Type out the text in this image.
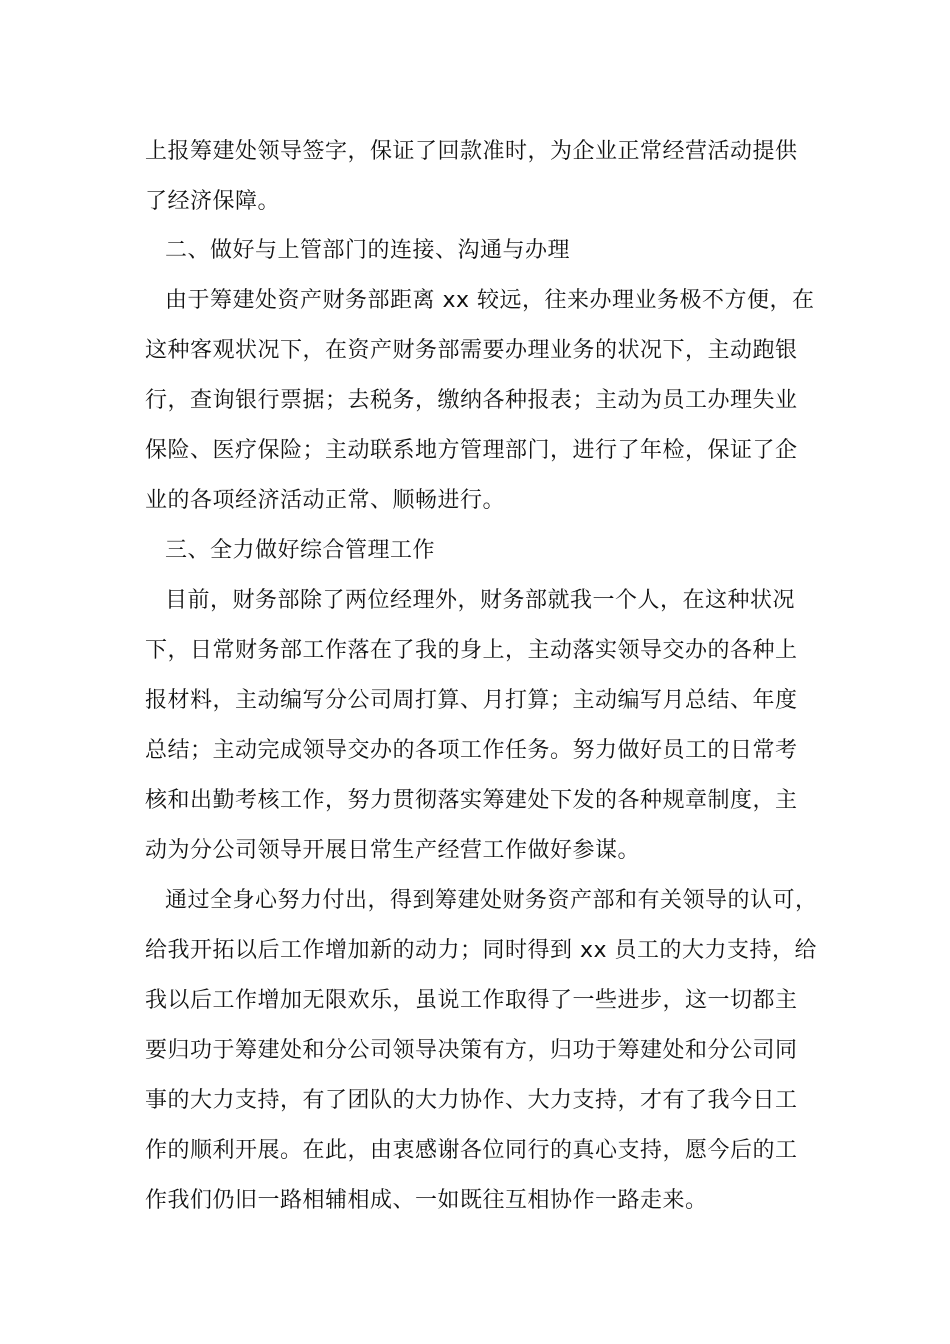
上报筹建处领导签字，保证了回款准时，为企业正常经营活动提供
了经济保障。
二、做好与上管部门的连接、沟通与办理
由于筹建处资产财务部距离 xx 较远，往来办理业务极不方便，在
这种客观状况下，在资产财务部需要办理业务的状况下，主动跑银
行，查询银行票据；去税务，缴纳各种报表；主动为员工办理失业
保险、医疗保险；主动联系地方管理部门，进行了年检，保证了企
业的各项经济活动正常、顺畅进行。
三、全力做好综合管理工作
目前，财务部除了两位经理外，财务部就我一个人，在这种状况
下，日常财务部工作落在了我的身上，主动落实领导交办的各种上
报材料，主动编写分公司周打算、月打算；主动编写月总结、年度
总结；主动完成领导交办的各项工作任务。努力做好员工的日常考
核和出勤考核工作，努力贯彻落实筹建处下发的各种规章制度，主
动为分公司领导开展日常生产经营工作做好参谋。
通过全身心努力付出，得到筹建处财务资产部和有关领导的认可，
给我开拓以后工作增加新的动力；同时得到 xx 员工的大力支持，给
我以后工作增加无限欢乐，虽说工作取得了一些进步，这一切都主
要归功于筹建处和分公司领导决策有方，归功于筹建处和分公司同
事的大力支持，有了团队的大力协作、大力支持，才有了我今日工
作的顺利开展。在此，由衷感谢各位同行的真心支持，愿今后的工
作我们仍旧一路相辅相成、一如既往互相协作一路走来。
